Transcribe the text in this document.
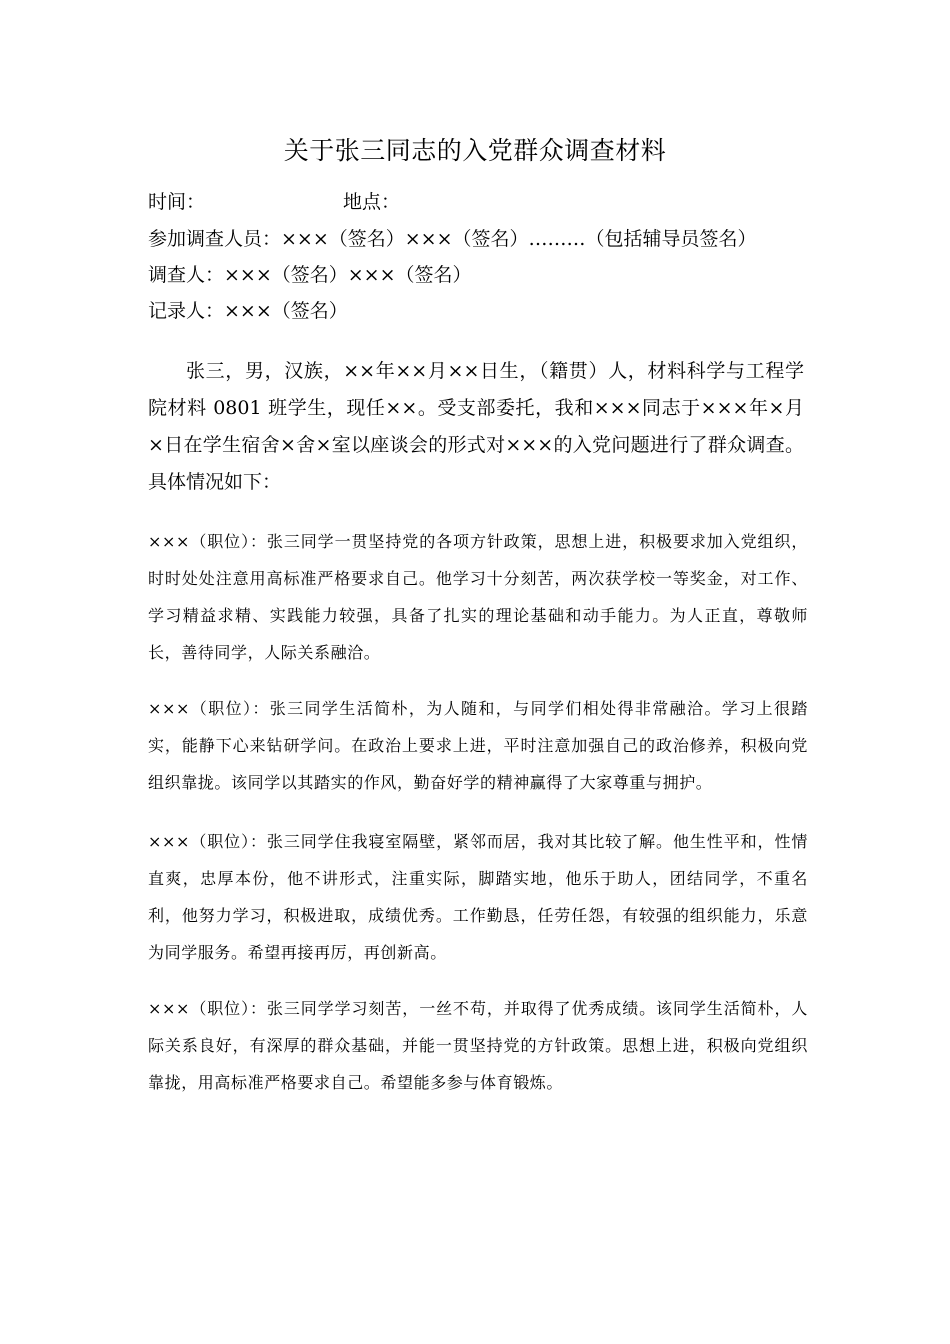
关于张三同志的入党群众调查材料
时间：	地点：
参加调查人员：×××（签名）×××（签名）………（包括辅导员签名）
调查人：×××（签名）×××（签名）
记录人：×××（签名）
张三，男，汉族，××年××月××日生，（籍贯）人，材料科学与工程学院材料 0801 班学生，现任××。受支部委托，我和×××同志于×××年×月×日在学生宿舍×舍×室以座谈会的形式对×××的入党问题进行了群众调查。具体情况如下：
×××（职位）：张三同学一贯坚持党的各项方针政策，思想上进，积极要求加入党组织，时时处处注意用高标准严格要求自己。他学习十分刻苦，两次获学校一等奖金，对工作、学习精益求精、实践能力较强，具备了扎实的理论基础和动手能力。为人正直，尊敬师长，善待同学，人际关系融洽。
×××（职位）：张三同学生活简朴，为人随和，与同学们相处得非常融洽。学习上很踏实，能静下心来钻研学问。在政治上要求上进，平时注意加强自己的政治修养，积极向党组织靠拢。该同学以其踏实的作风，勤奋好学的精神赢得了大家尊重与拥护。
×××（职位）：张三同学住我寝室隔壁，紧邻而居，我对其比较了解。他生性平和，性情直爽，忠厚本份，他不讲形式，注重实际，脚踏实地，他乐于助人，团结同学，不重名利，他努力学习，积极进取，成绩优秀。工作勤恳，任劳任怨，有较强的组织能力，乐意为同学服务。希望再接再厉，再创新高。
×××（职位）：张三同学学习刻苦，一丝不苟，并取得了优秀成绩。该同学生活简朴，人际关系良好，有深厚的群众基础，并能一贯坚持党的方针政策。思想上进，积极向党组织靠拢，用高标准严格要求自己。希望能多参与体育锻炼。
